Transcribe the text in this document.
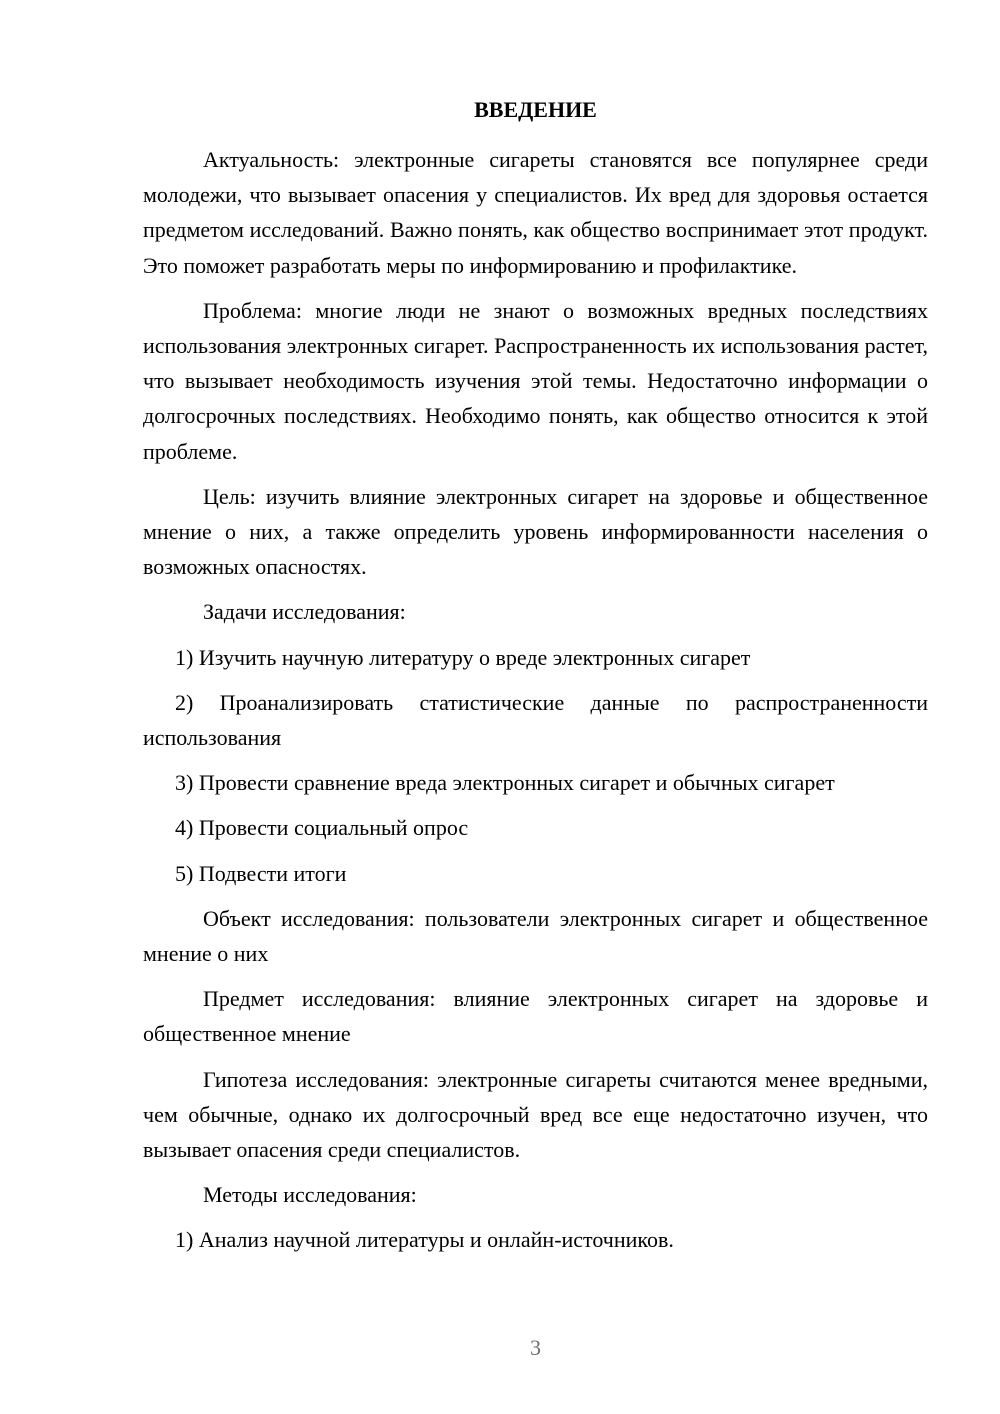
ВВЕДЕНИЕ

Актуальность: электронные сигареты становятся все популярнее среди молодежи, что вызывает опасения у специалистов. Их вред для здоровья остается предметом исследований. Важно понять, как общество воспринимает этот продукт. Это поможет разработать меры по информированию и профилактике.

Проблема: многие люди не знают о возможных вредных последствиях использования электронных сигарет. Распространенность их использования растет, что вызывает необходимость изучения этой темы. Недостаточно информации о долгосрочных последствиях. Необходимо понять, как общество относится к этой проблеме.

Цель: изучить влияние электронных сигарет на здоровье и общественное мнение о них, а также определить уровень информированности населения о возможных опасностях.

Задачи исследования:

1) Изучить научную литературу о вреде электронных сигарет

2) Проанализировать статистические данные по распространенности использования

3) Провести сравнение вреда электронных сигарет и обычных сигарет

4) Провести социальный опрос

5) Подвести итоги

Объект исследования: пользователи электронных сигарет и общественное мнение о них

Предмет исследования: влияние электронных сигарет на здоровье и общественное мнение

Гипотеза исследования: электронные сигареты считаются менее вредными, чем обычные, однако их долгосрочный вред все еще недостаточно изучен, что вызывает опасения среди специалистов.

Методы исследования:

1) Анализ научной литературы и онлайн-источников.

3
